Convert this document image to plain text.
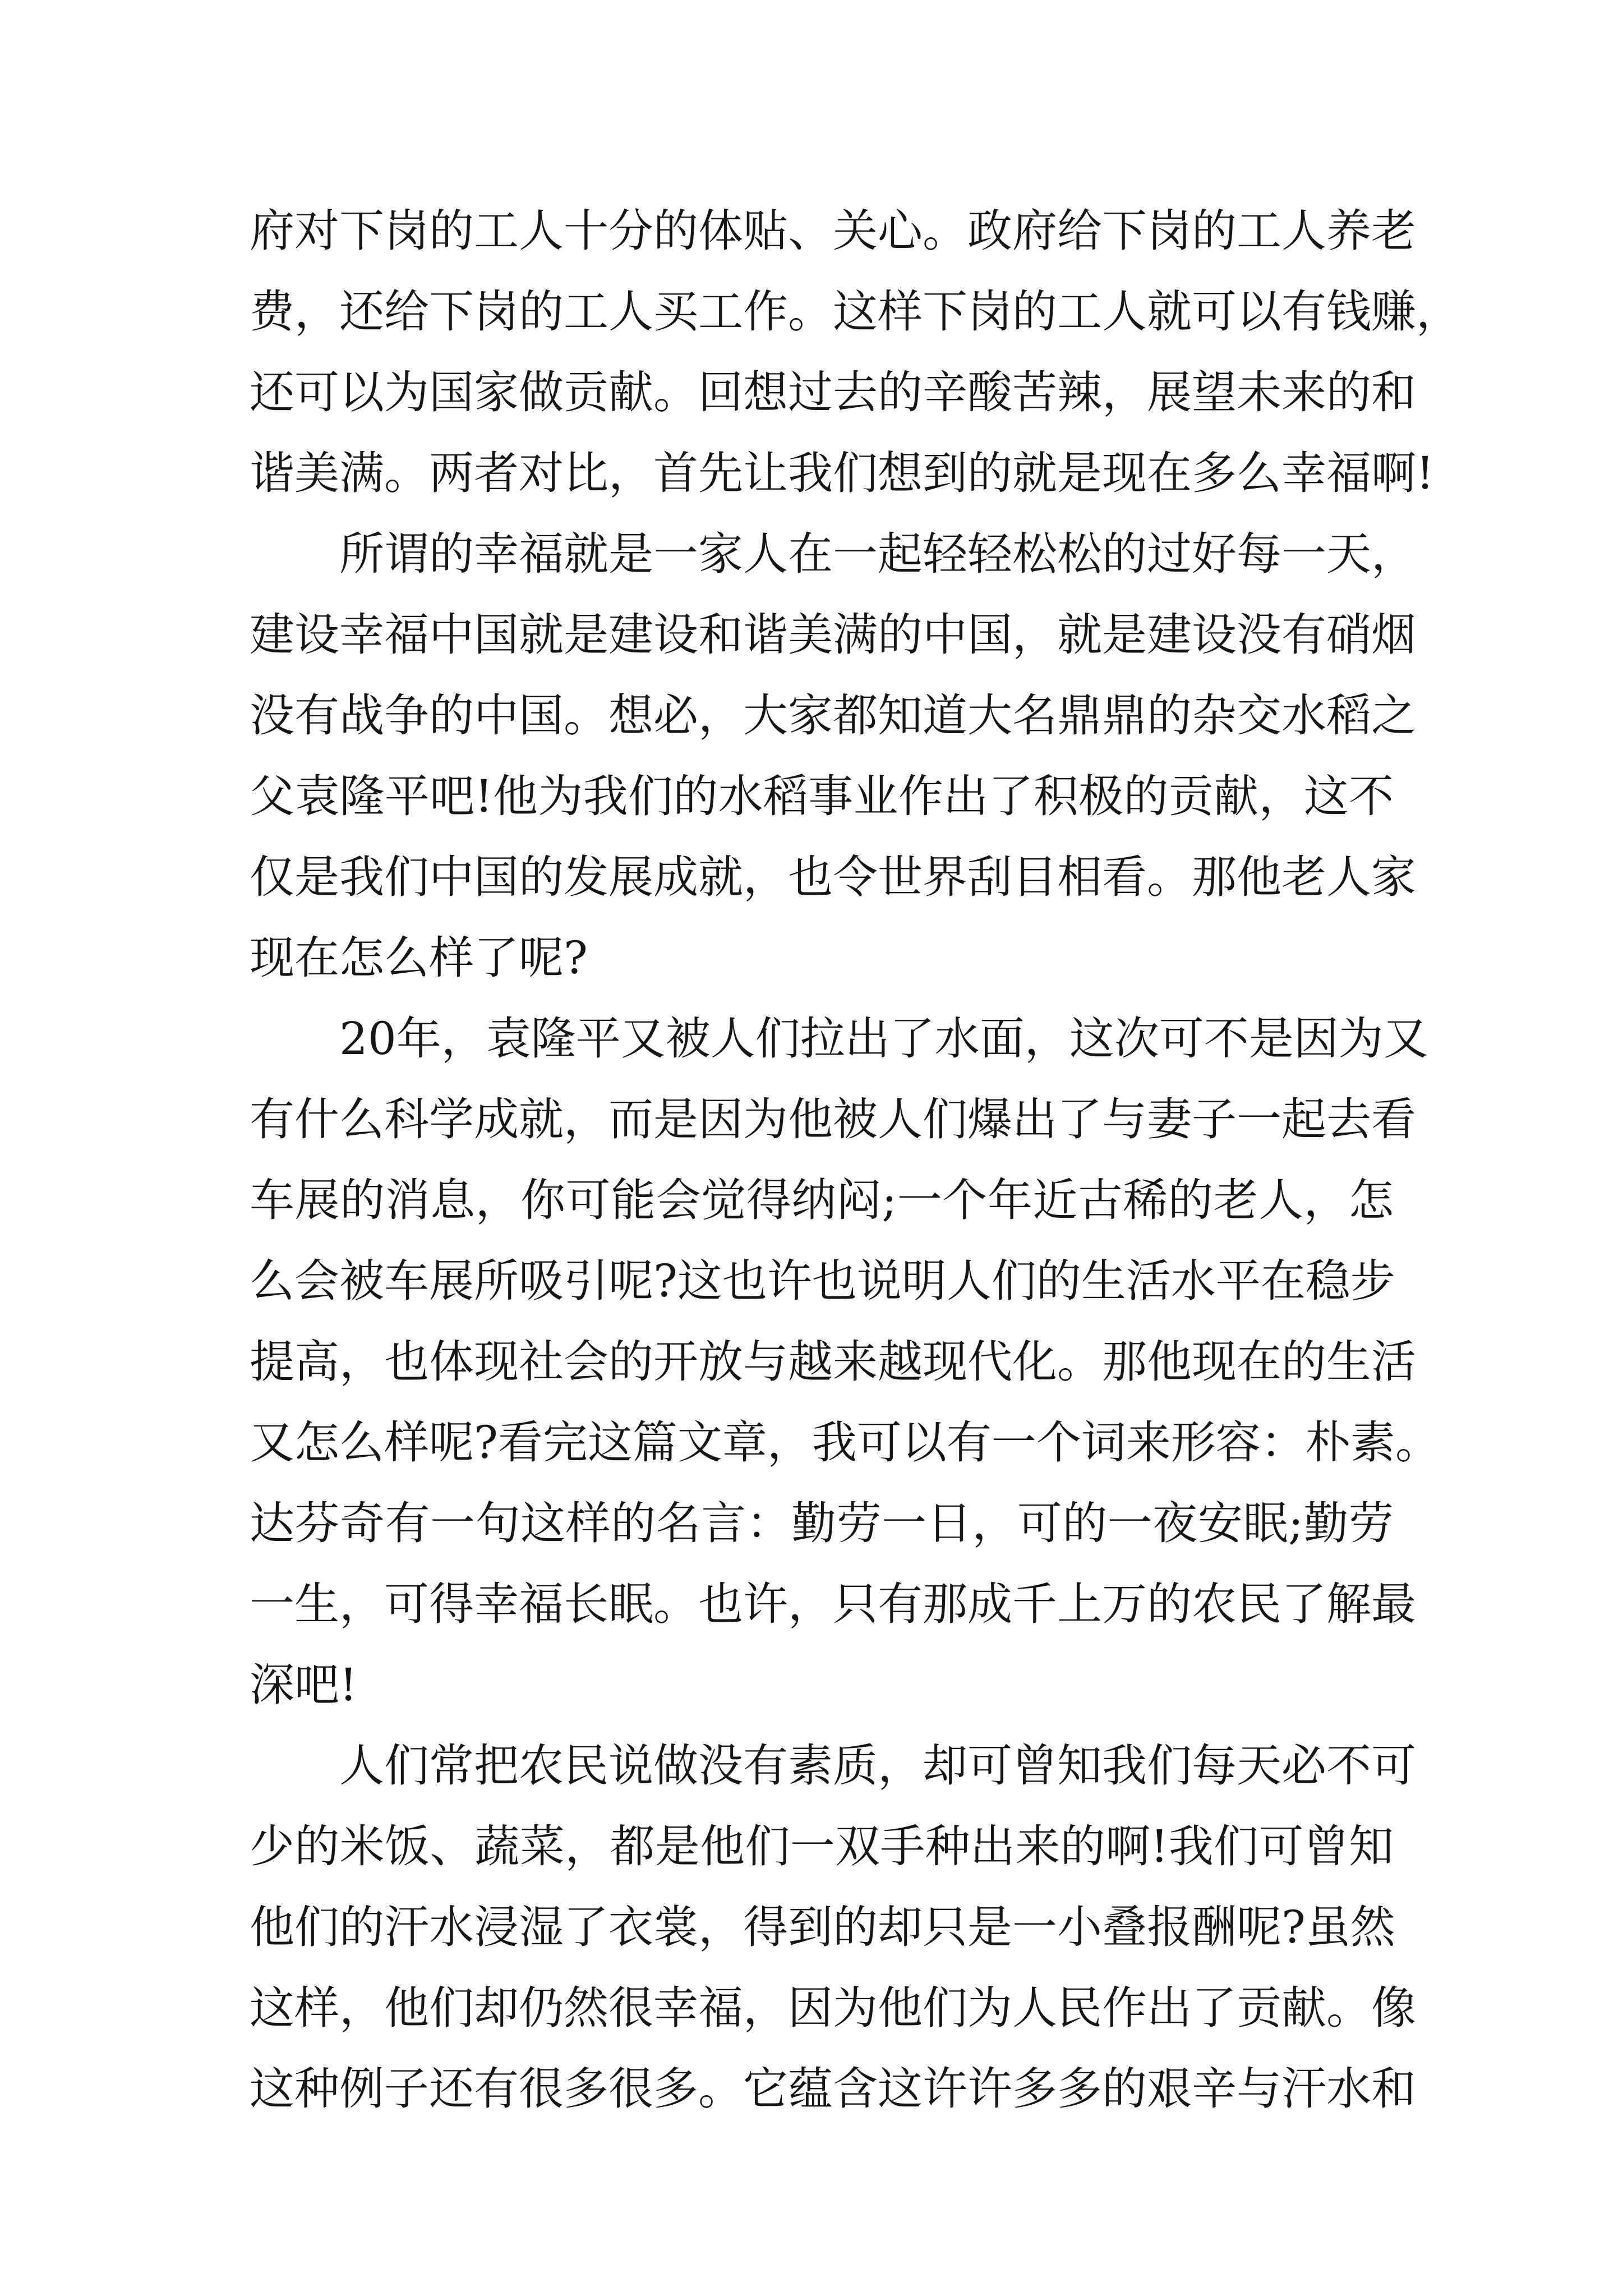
府对下岗的工人十分的体贴、关心。政府给下岗的工人养老
费，还给下岗的工人买工作。这样下岗的工人就可以有钱赚，
还可以为国家做贡献。回想过去的辛酸苦辣，展望未来的和
谐美满。两者对比，首先让我们想到的就是现在多么幸福啊!
所谓的幸福就是一家人在一起轻轻松松的过好每一天，
建设幸福中国就是建设和谐美满的中国，就是建设没有硝烟
没有战争的中国。想必，大家都知道大名鼎鼎的杂交水稻之
父袁隆平吧!他为我们的水稻事业作出了积极的贡献，这不
仅是我们中国的发展成就，也令世界刮目相看。那他老人家
现在怎么样了呢?
20年，袁隆平又被人们拉出了水面，这次可不是因为又
有什么科学成就，而是因为他被人们爆出了与妻子一起去看
车展的消息，你可能会觉得纳闷;一个年近古稀的老人，怎
么会被车展所吸引呢?这也许也说明人们的生活水平在稳步
提高，也体现社会的开放与越来越现代化。那他现在的生活
又怎么样呢?看完这篇文章，我可以有一个词来形容：朴素。
达芬奇有一句这样的名言：勤劳一日，可的一夜安眠;勤劳
一生，可得幸福长眠。也许，只有那成千上万的农民了解最
深吧!
人们常把农民说做没有素质，却可曾知我们每天必不可
少的米饭、蔬菜，都是他们一双手种出来的啊!我们可曾知
他们的汗水浸湿了衣裳，得到的却只是一小叠报酬呢?虽然
这样，他们却仍然很幸福，因为他们为人民作出了贡献。像
这种例子还有很多很多。它蕴含这许许多多的艰辛与汗水和
